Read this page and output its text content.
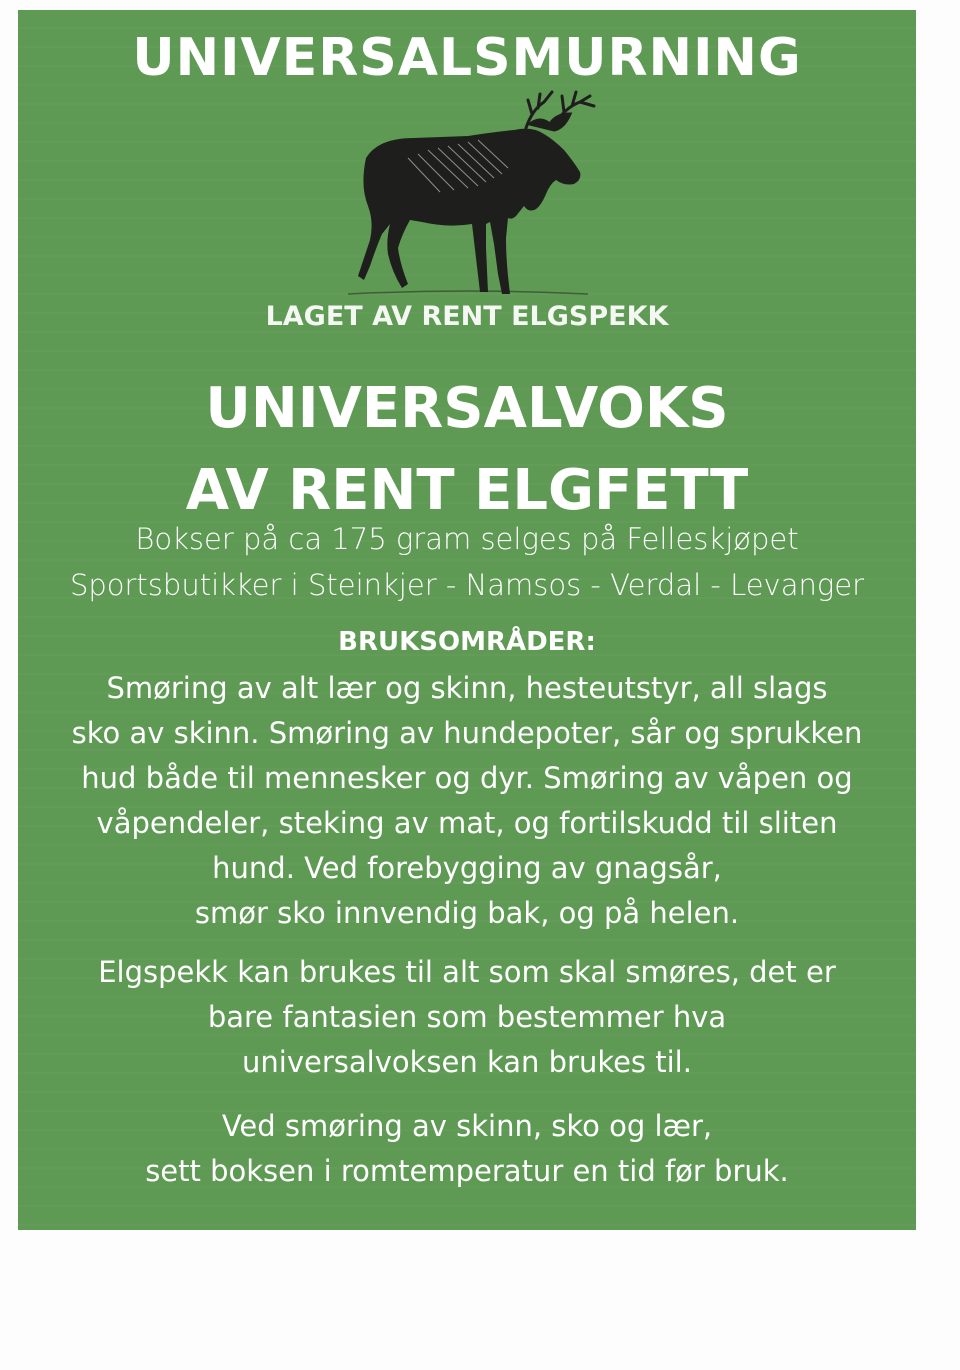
UNIVERSALSMURNING
LAGET AV RENT ELGSPEKK
UNIVERSALVOKS
AV RENT ELGFETT
Bokser på ca 175 gram selges på Felleskjøpet
Sportsbutikker i Steinkjer - Namsos - Verdal - Levanger
BRUKSOMRÅDER:
Smøring av alt lær og skinn, hesteutstyr, all slags
sko av skinn. Smøring av hundepoter, sår og sprukken
hud både til mennesker og dyr. Smøring av våpen og
våpendeler, steking av mat, og fortilskudd til sliten
hund. Ved forebygging av gnagsår,
smør sko innvendig bak, og på helen.
Elgspekk kan brukes til alt som skal smøres, det er
bare fantasien som bestemmer hva
universalvoksen kan brukes til.
Ved smøring av skinn, sko og lær,
sett boksen i romtemperatur en tid før bruk.
